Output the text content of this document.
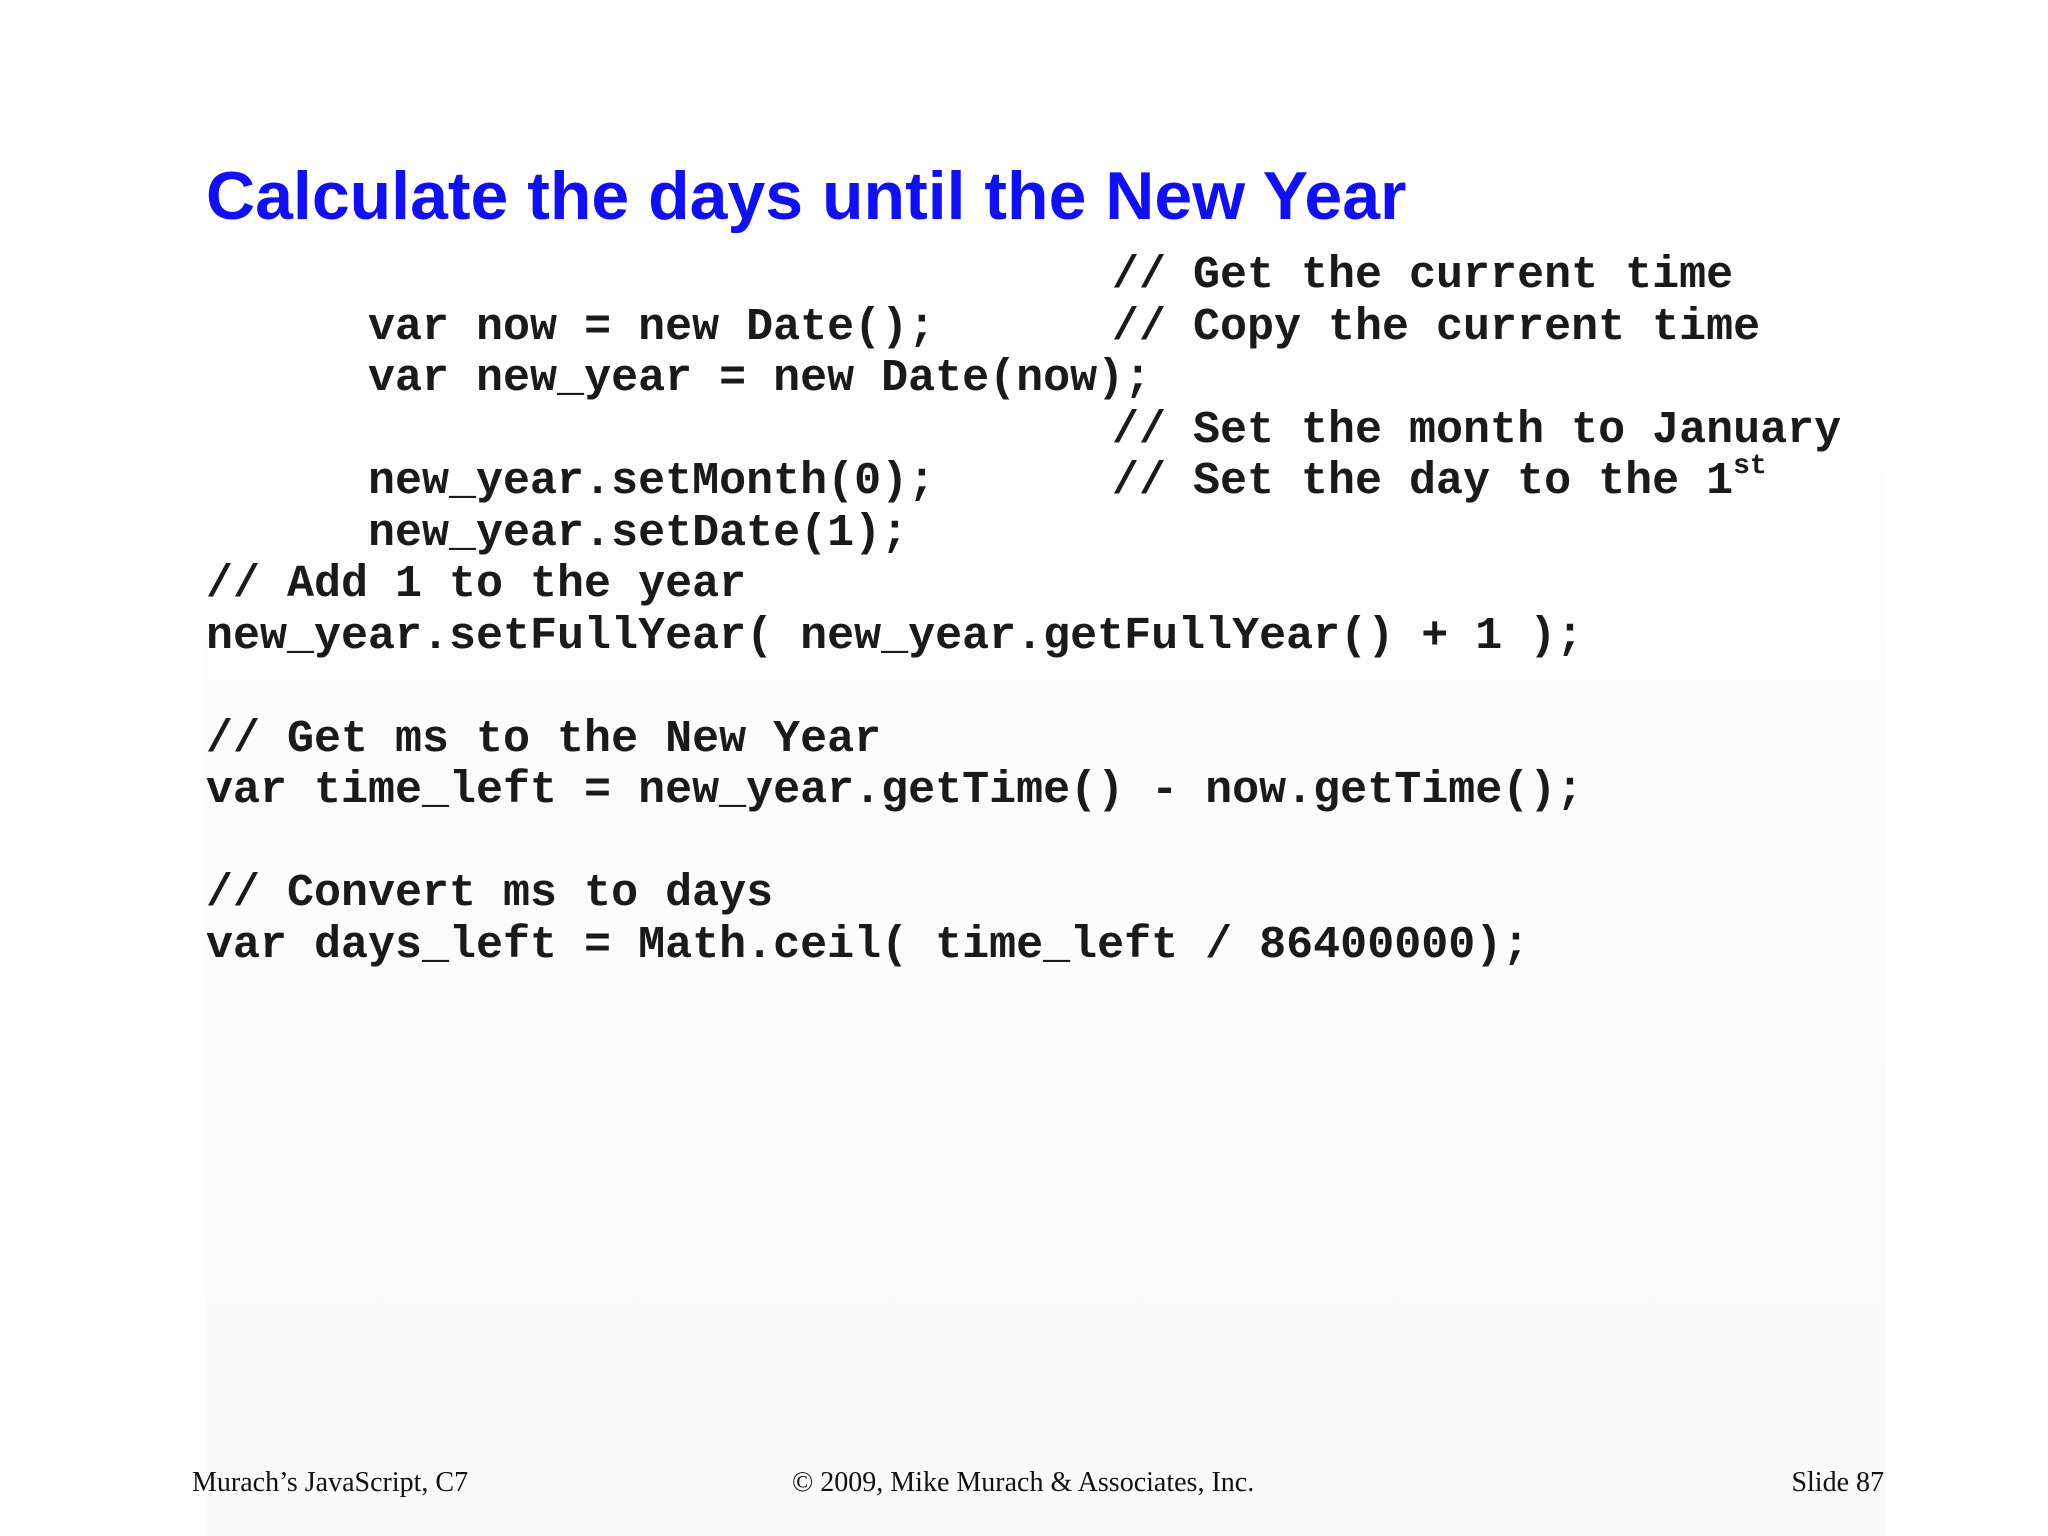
Calculate the days until the New Year

var now = new Date();

// Get the current time

var new_year = new Date(now);

// Copy the current time

new_year.setMonth(0);

// Set the month to January

new_year.setDate(1);

// Set the day to the 1st

// Add 1 to the year
new_year.setFullYear( new_year.getFullYear() + 1 );
// Get ms to the New Year
var time_left = new_year.getTime() - now.getTime();
// Convert ms to days
var days_left = Math.ceil( time_left / 86400000);
Murach’s JavaScript, C7	© 2009, Mike Murach & Associates, Inc.	Slide 87
